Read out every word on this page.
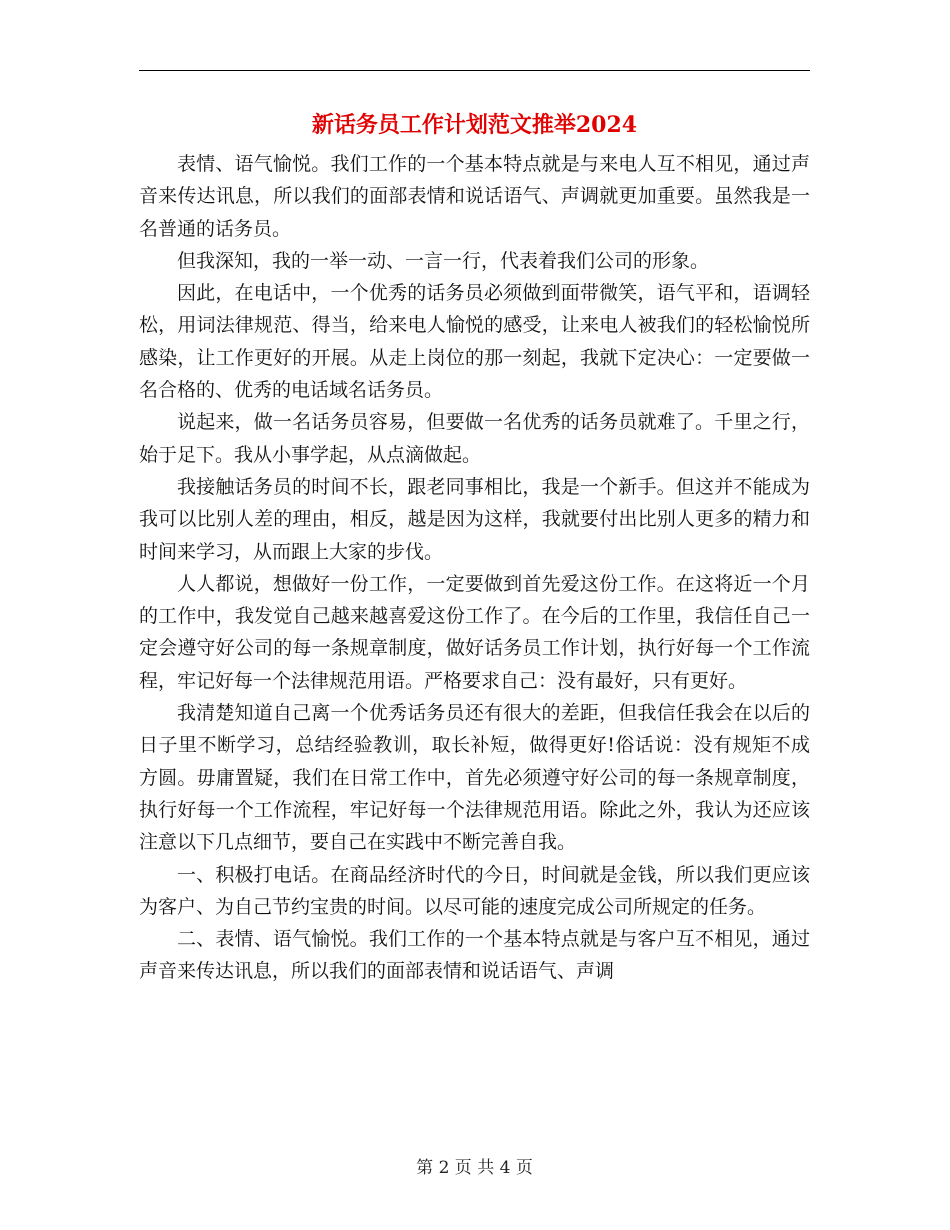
新话务员工作计划范文推举2024

表情、语气愉悦。我们工作的一个基本特点就是与来电人互不相见，通过声音来传达讯息，所以我们的面部表情和说话语气、声调就更加重要。虽然我是一名普通的话务员。

但我深知，我的一举一动、一言一行，代表着我们公司的形象。

因此，在电话中，一个优秀的话务员必须做到面带微笑，语气平和，语调轻松，用词法律规范、得当，给来电人愉悦的感受，让来电人被我们的轻松愉悦所感染，让工作更好的开展。从走上岗位的那一刻起，我就下定决心：一定要做一名合格的、优秀的电话域名话务员。

说起来，做一名话务员容易，但要做一名优秀的话务员就难了。千里之行，始于足下。我从小事学起，从点滴做起。

我接触话务员的时间不长，跟老同事相比，我是一个新手。但这并不能成为我可以比别人差的理由，相反，越是因为这样，我就要付出比别人更多的精力和时间来学习，从而跟上大家的步伐。

人人都说，想做好一份工作，一定要做到首先爱这份工作。在这将近一个月的工作中，我发觉自己越来越喜爱这份工作了。在今后的工作里，我信任自己一定会遵守好公司的每一条规章制度，做好话务员工作计划，执行好每一个工作流程，牢记好每一个法律规范用语。严格要求自己：没有最好，只有更好。

我清楚知道自己离一个优秀话务员还有很大的差距，但我信任我会在以后的日子里不断学习，总结经验教训，取长补短，做得更好!俗话说：没有规矩不成方圆。毋庸置疑，我们在日常工作中，首先必须遵守好公司的每一条规章制度，执行好每一个工作流程，牢记好每一个法律规范用语。除此之外，我认为还应该注意以下几点细节，要自己在实践中不断完善自我。

一、积极打电话。在商品经济时代的今日，时间就是金钱，所以我们更应该为客户、为自己节约宝贵的时间。以尽可能的速度完成公司所规定的任务。

二、表情、语气愉悦。我们工作的一个基本特点就是与客户互不相见，通过声音来传达讯息，所以我们的面部表情和说话语气、声调

第 2 页 共 4 页
